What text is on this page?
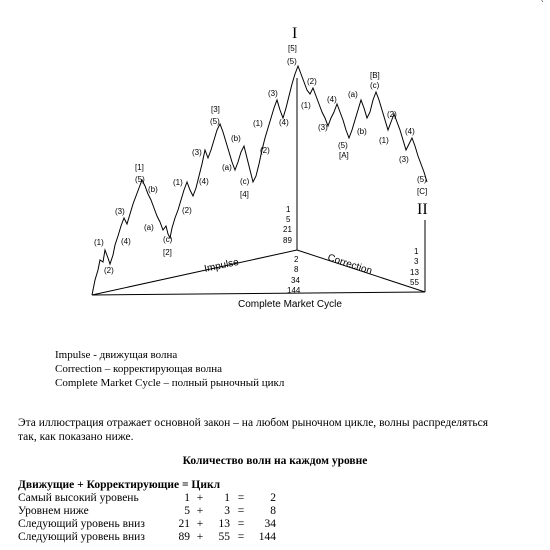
`
(1)
(2)
(3)
(4)
(5)
[1]
(a)
(b)
(c)
[2]
(1)
(2)
(3)
(4)
(5)
[3]
(a)
(b)
(c)
[4]
(1)
(2)
(3)
(4)
(5)
[5]
(2)
(1)
(4)
(3)
(5)
[A]
(a)
(b)
[B]
(c)
(1)
(2)
(4)
(3)
(5)
[C]
I
II
1
5
21
89
2
8
34
144
1
3
13
55
Impulse	Correction
Complete Market Cycle
Impulse - движущая волна
Correction – корректирующая волна
Complete Market Cycle – полный рыночный цикл
Эта иллюстрация отражает основной закон – на любом рыночном цикле, волны распределяться так, как показано ниже.
Количество волн на каждом уровне
Движущие + Корректирующие = Цикл
Самый высокий уровень	1 +	1 =	2
Уровнем ниже	5 +	3 =	8
Следующий уровень вниз	21 +	13 =	34
Следующий уровень вниз	89 +	55 =	144
